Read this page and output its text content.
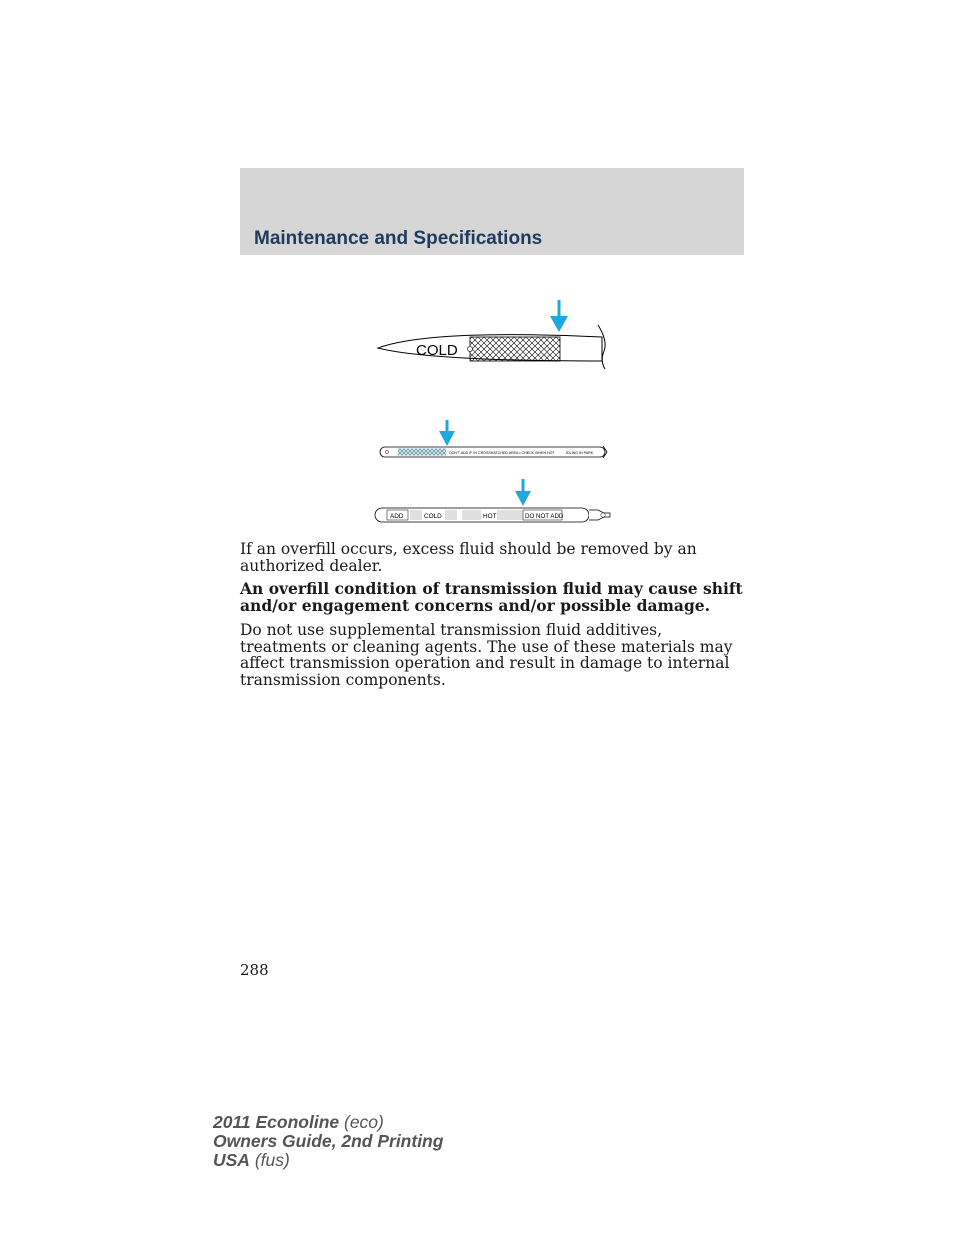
Maintenance and Specifications
COLD
DON'T ADD IF IN CROSSHATCHED AREA • CHECK WHEN HOT	IDLING IN PARK
ADD	COLD	HOT	DO NOT ADD
If an overfill occurs, excess fluid should be removed by an authorized dealer.
An overfill condition of transmission fluid may cause shift and/or engagement concerns and/or possible damage.
Do not use supplemental transmission fluid additives, treatments or cleaning agents. The use of these materials may affect transmission operation and result in damage to internal transmission components.
288
2011 Econoline (eco)
Owners Guide, 2nd Printing
USA (fus)
